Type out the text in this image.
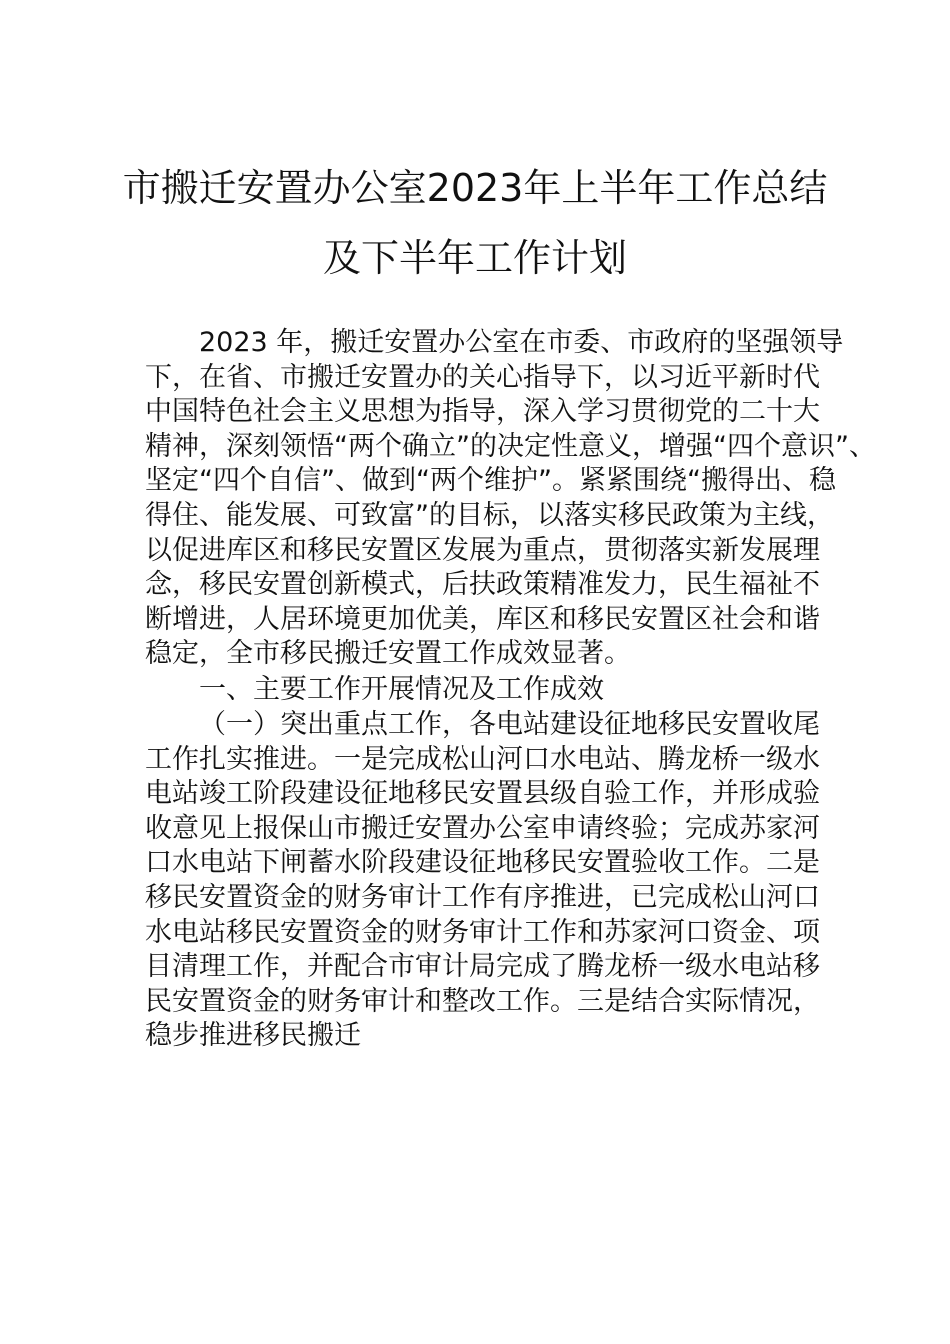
市搬迁安置办公室2023年上半年工作总结
及下半年工作计划
2023 年，搬迁安置办公室在市委、市政府的坚强领导
下，在省、市搬迁安置办的关心指导下，以习近平新时代
中国特色社会主义思想为指导，深入学习贯彻党的二十大
精神，深刻领悟“两个确立”的决定性意义，增强“四个意识”、
坚定“四个自信”、做到“两个维护”。紧紧围绕“搬得出、稳
得住、能发展、可致富”的目标，以落实移民政策为主线，
以促进库区和移民安置区发展为重点，贯彻落实新发展理
念，移民安置创新模式，后扶政策精准发力，民生福祉不
断增进，人居环境更加优美，库区和移民安置区社会和谐
稳定，全市移民搬迁安置工作成效显著。
一、主要工作开展情况及工作成效
（一）突出重点工作，各电站建设征地移民安置收尾
工作扎实推进。一是完成松山河口水电站、腾龙桥一级水
电站竣工阶段建设征地移民安置县级自验工作，并形成验
收意见上报保山市搬迁安置办公室申请终验；完成苏家河
口水电站下闸蓄水阶段建设征地移民安置验收工作。二是
移民安置资金的财务审计工作有序推进，已完成松山河口
水电站移民安置资金的财务审计工作和苏家河口资金、项
目清理工作，并配合市审计局完成了腾龙桥一级水电站移
民安置资金的财务审计和整改工作。三是结合实际情况，
稳步推进移民搬迁
